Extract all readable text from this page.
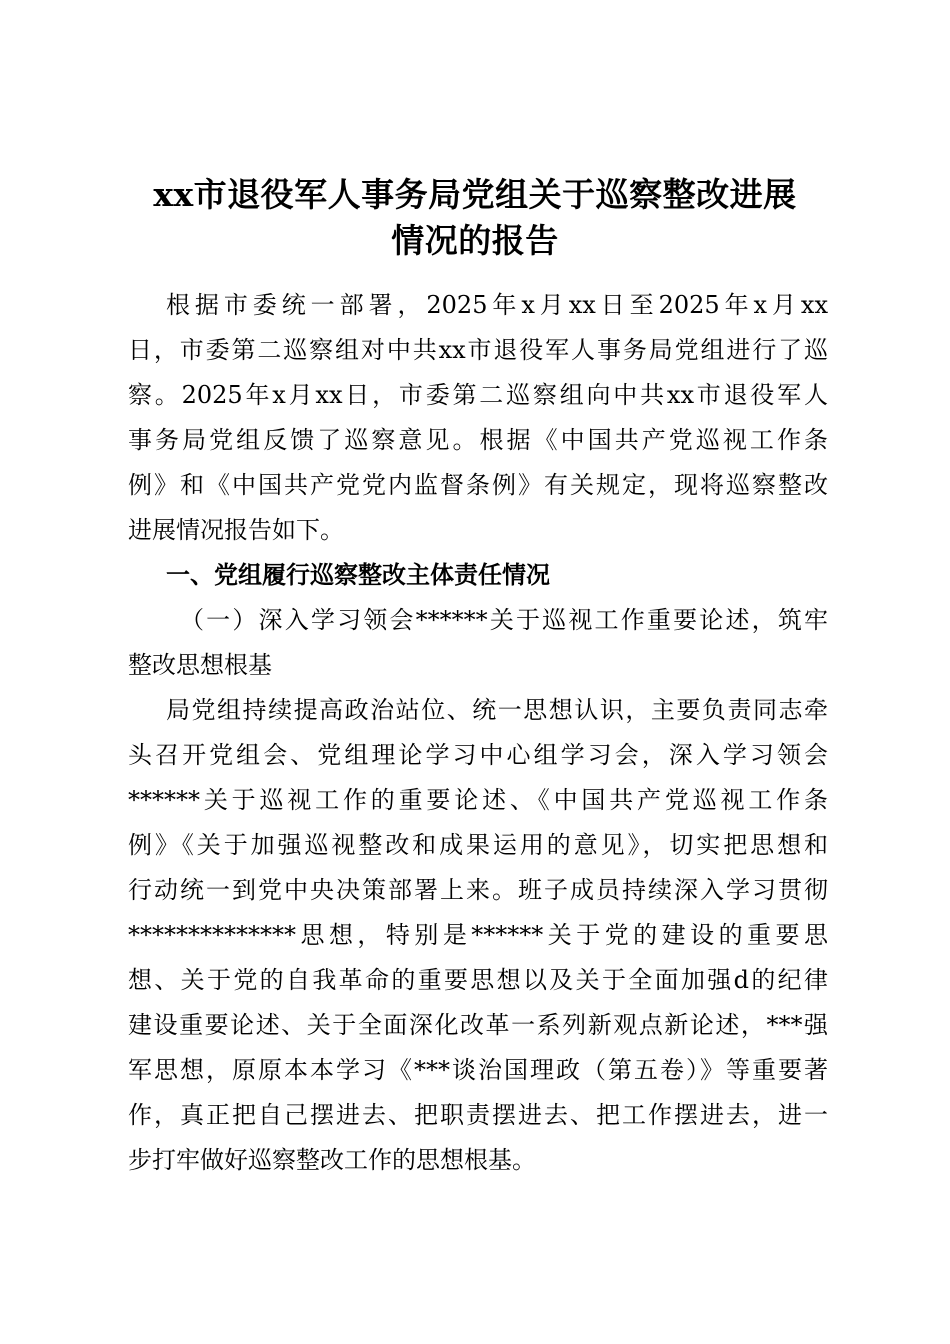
xx市退役军人事务局党组关于巡察整改进展
情况的报告

根据市委统一部署，2025年x月xx日至2025年x月xx

日，市委第二巡察组对中共xx市退役军人事务局党组进行了巡

察。2025年x月xx日，市委第二巡察组向中共xx市退役军人

事务局党组反馈了巡察意见。根据《中国共产党巡视工作条

例》和《中国共产党党内监督条例》有关规定，现将巡察整改

进展情况报告如下。

一、党组履行巡察整改主体责任情况

（一）深入学习领会******关于巡视工作重要论述，筑牢

整改思想根基

局党组持续提高政治站位、统一思想认识，主要负责同志牵

头召开党组会、党组理论学习中心组学习会，深入学习领会

******关于巡视工作的重要论述、《中国共产党巡视工作条

例》《关于加强巡视整改和成果运用的意见》，切实把思想和

行动统一到党中央决策部署上来。班子成员持续深入学习贯彻

**************思想，特别是******关于党的建设的重要思

想、关于党的自我革命的重要思想以及关于全面加强d的纪律

建设重要论述、关于全面深化改革一系列新观点新论述，***强

军思想，原原本本学习《***谈治国理政（第五卷）》等重要著

作，真正把自己摆进去、把职责摆进去、把工作摆进去，进一

步打牢做好巡察整改工作的思想根基。
